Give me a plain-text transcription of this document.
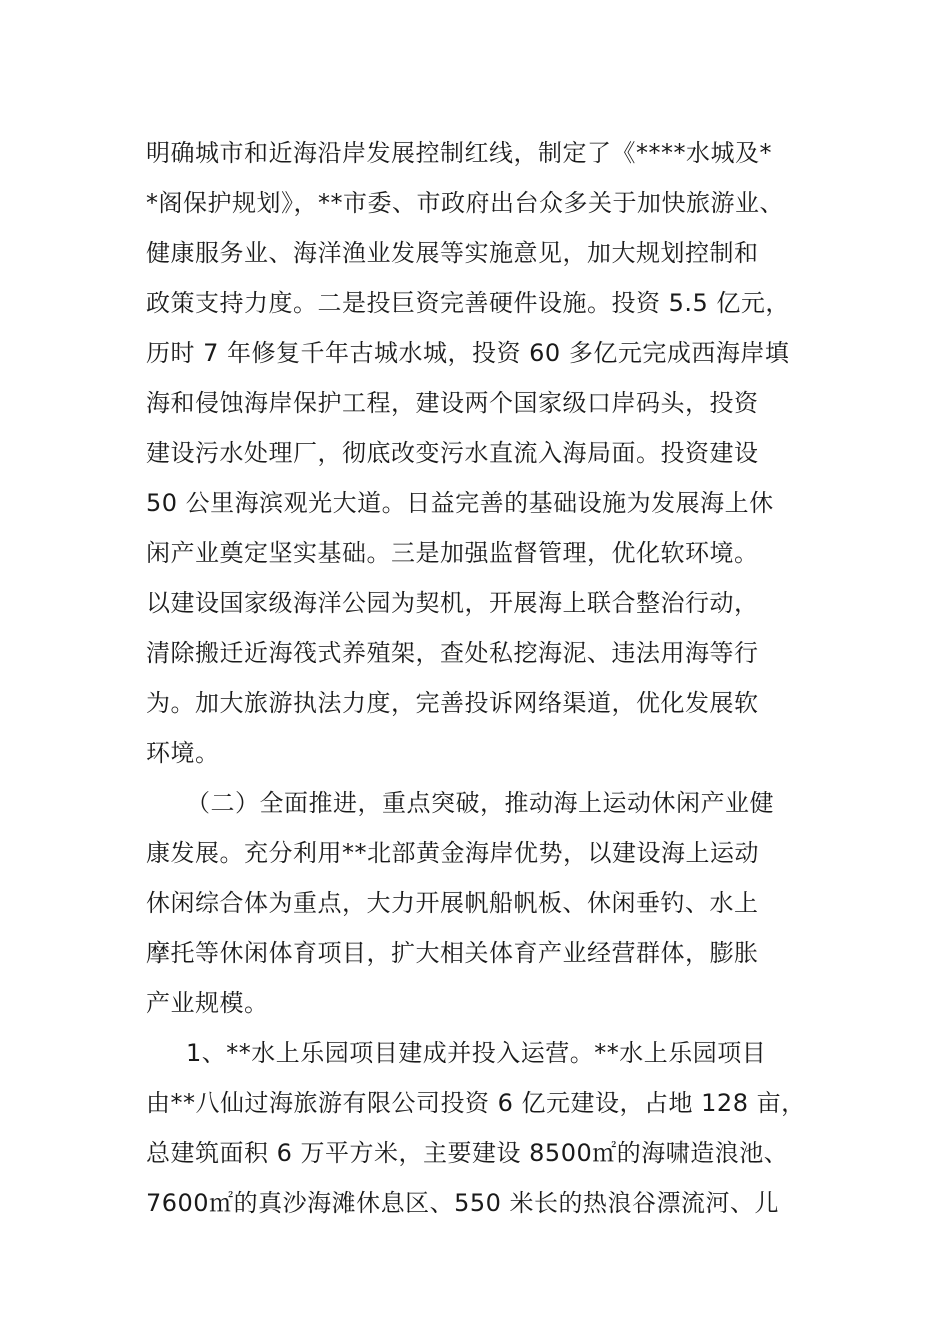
明确城市和近海沿岸发展控制红线，制定了《****水城及*
*阁保护规划》，**市委、市政府出台众多关于加快旅游业、
健康服务业、海洋渔业发展等实施意见，加大规划控制和
政策支持力度。二是投巨资完善硬件设施。投资 5.5 亿元，
历时 7 年修复千年古城水城，投资 60 多亿元完成西海岸填
海和侵蚀海岸保护工程，建设两个国家级口岸码头，投资
建设污水处理厂，彻底改变污水直流入海局面。投资建设
50 公里海滨观光大道。日益完善的基础设施为发展海上休
闲产业奠定坚实基础。三是加强监督管理，优化软环境。
以建设国家级海洋公园为契机，开展海上联合整治行动，
清除搬迁近海筏式养殖架，查处私挖海泥、违法用海等行
为。加大旅游执法力度，完善投诉网络渠道，优化发展软
环境。
（二）全面推进，重点突破，推动海上运动休闲产业健
康发展。充分利用**北部黄金海岸优势，以建设海上运动
休闲综合体为重点，大力开展帆船帆板、休闲垂钓、水上
摩托等休闲体育项目，扩大相关体育产业经营群体，膨胀
产业规模。
1、**水上乐园项目建成并投入运营。**水上乐园项目
由**八仙过海旅游有限公司投资 6 亿元建设，占地 128 亩，
总建筑面积 6 万平方米，主要建设 8500㎡的海啸造浪池、
7600㎡的真沙海滩休息区、550 米长的热浪谷漂流河、儿
